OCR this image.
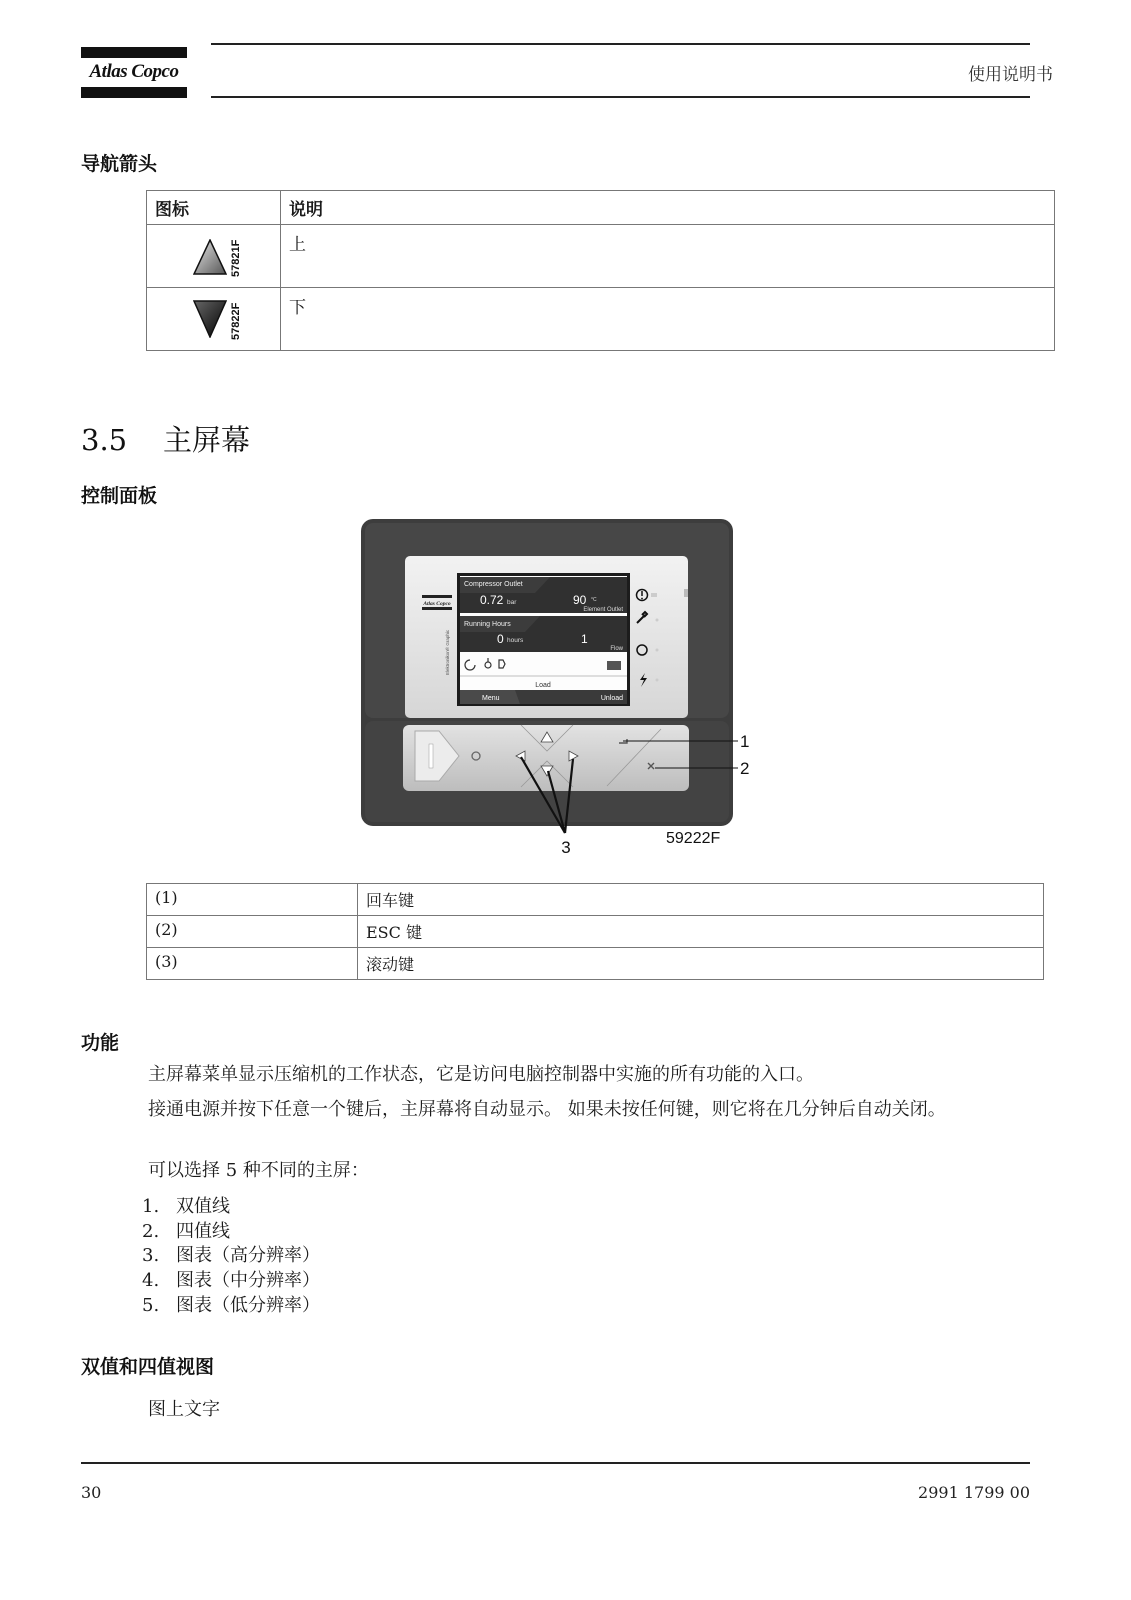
Atlas Copco	使用说明书
导航箭头
图标	说明

57821F	上

57822F	下
3.5 主屏幕
控制面板
Atlas Copco
Elektronikon® Graphic
Compressor Outlet
0.72 bar	90 °C
Element Outlet
Running Hours
0 hours	1
Flow
Load
Menu	Unload
1
2
3	59222F
(1)	回车键
(2)	ESC 键
(3)	滚动键
功能
主屏幕菜单显示压缩机的工作状态，它是访问电脑控制器中实施的所有功能的入口。
接通电源并按下任意一个键后，主屏幕将自动显示。 如果未按任何键，则它将在几分钟后自动关闭。
可以选择 5 种不同的主屏：
1. 双值线
2. 四值线
3. 图表（高分辨率）
4. 图表（中分辨率）
5. 图表（低分辨率）
双值和四值视图
图上文字
30	2991 1799 00
